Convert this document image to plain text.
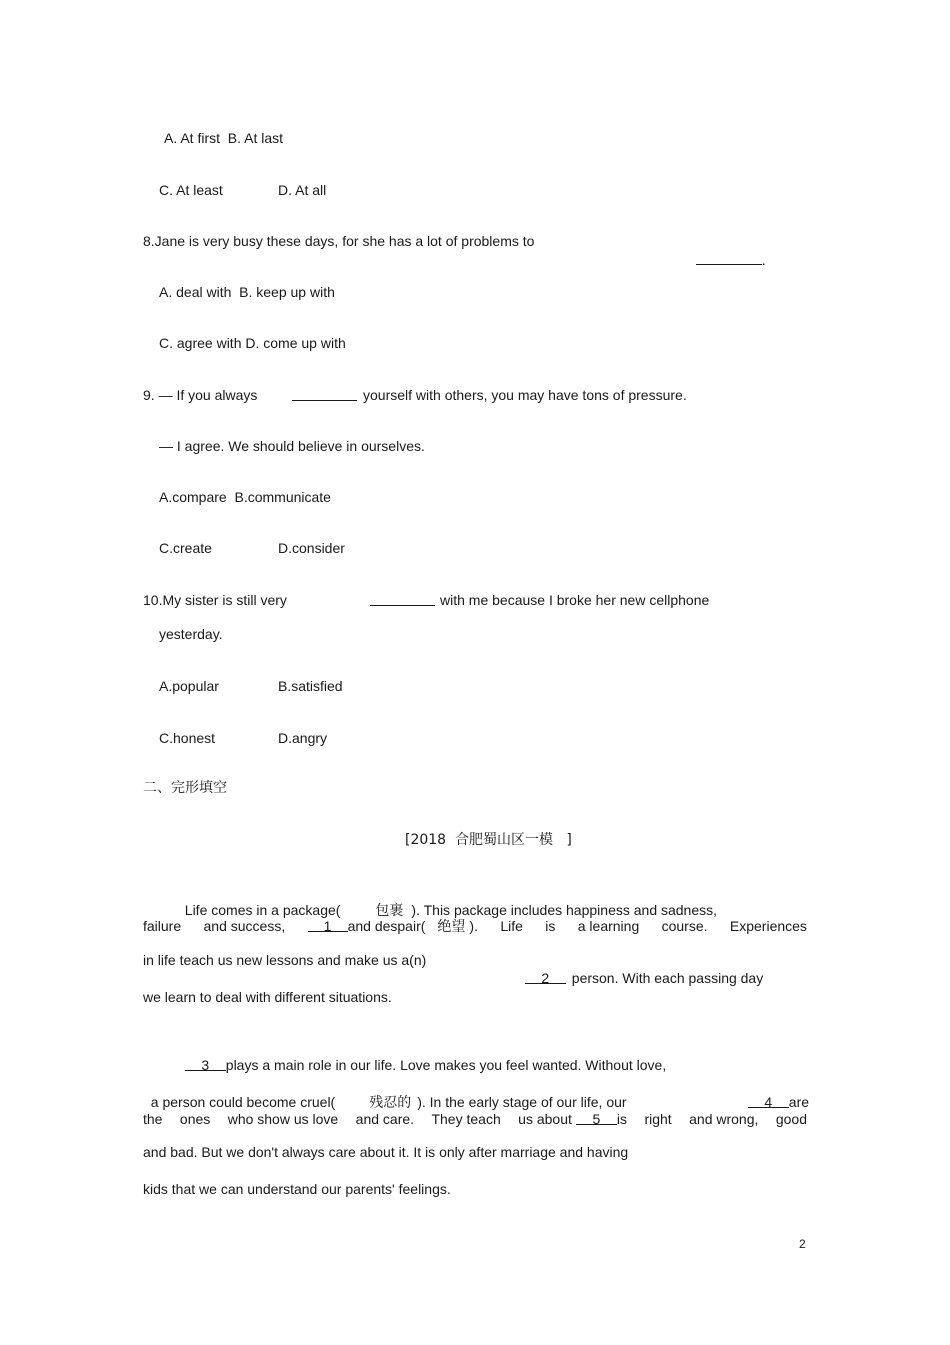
A. At first  B. At last
C. At least	D. At all
8.Jane is very busy these days, for she has a lot of problems to

.

A. deal with  B. keep up with
C. agree with D. come up with
9. — If you always	yourself with others, you may have tons of pressure.
— I agree. We should believe in ourselves.
A.compare  B.communicate
C.create	D.consider
10.My sister is still very	with me because I broke her new cellphone
yesterday.
A.popular	B.satisfied
C.honest	D.angry
二、完形填空
[2018  合肥蜀山区一模   ]

Life comes in a package(	包裹 ). This package includes happiness and sadness,

failure and success,	1 and despair( 绝望 ). Life is a learning course. Experiences
in life teach us new lessons and make us a(n)

2 person. With each passing day

we learn to deal with different situations.

3 plays a main role in our life. Love makes you feel wanted. Without love,

a person could become cruel( 残忍的 ). In the early stage of our life, our	4 are

the ones who show us love and care. They teach us about 5 is right and wrong, good
and bad. But we don't always care about it. It is only after marriage and having
kids that we can understand our parents' feelings.
2
